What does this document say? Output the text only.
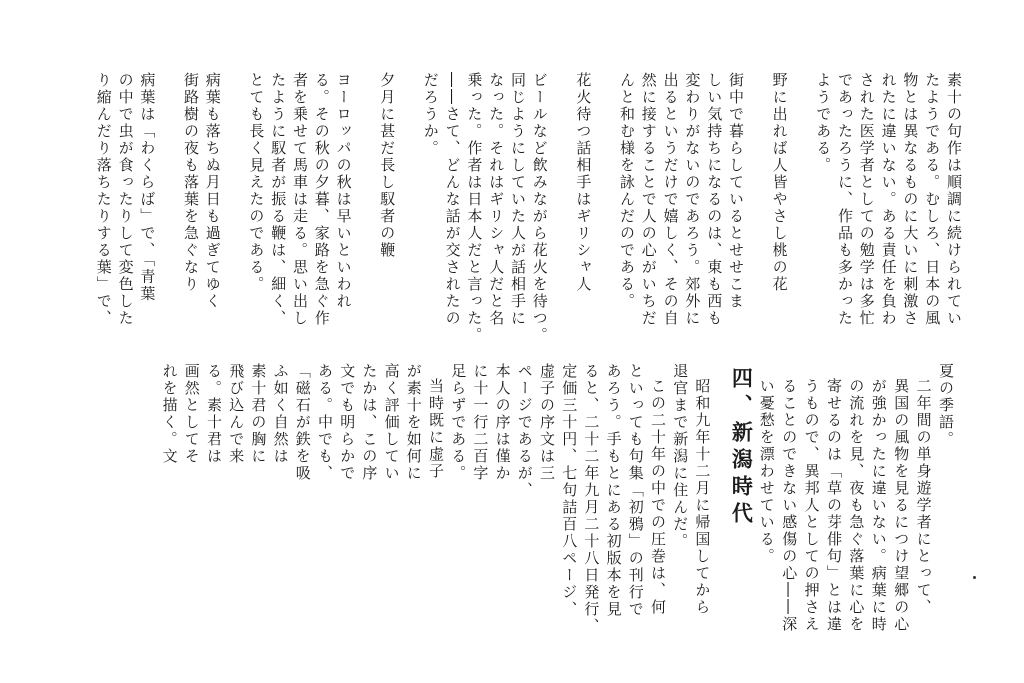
素十の句作は順調に続けられてい
たようである。むしろ、日本の風
物とは異なるものに大いに刺激さ
れたに違いない。ある責任を負わ
された医学者としての勉学は多忙
であったろうに、作品も多かった
ようである。
野に出れば人皆やさし桃の花
街中で暮らしているとせせこま
しい気持ちになるのは、東も西も
変わりがないのであろう。郊外に
出るというだけで嬉しく、その自
然に接することで人の心がいちだ
んと和む様を詠んだのである。
花火待つ話相手はギリシャ人
ビールなど飲みながら花火を待つ。
同じようにしていた人が話相手に
なった。それはギリシャ人だと名
乗った。作者は日本人だと言った。
――さて、どんな話が交されたの
だろうか。
夕月に甚だ長し馭者の鞭
ヨーロッパの秋は早いといわれ
る。その秋の夕暮、家路を急ぐ作
者を乗せて馬車は走る。思い出し
たように馭者が振る鞭は、細く、
とても長く見えたのである。
病葉も落ちぬ月日も過ぎてゆく
街路樹の夜も落葉を急ぐなり
病葉は「わくらば」で、「青葉
の中で虫が食ったりして変色した
り縮んだり落ちたりする葉」で、
夏の季語。
二年間の単身遊学者にとって、
異国の風物を見るにつけ望郷の心
が強かったに違いない。病葉に時
の流れを見、夜も急ぐ落葉に心を
寄せるのは「草の芽俳句」とは違
うもので、異邦人としての押さえ
ることのできない感傷の心――深
い憂愁を漂わせている。
四、新潟時代
昭和九年十二月に帰国してから
退官まで新潟に住んだ。
この二十年の中での圧巻は、何
といっても句集「初鴉」の刊行で
あろう。手もとにある初版本を見
ると、二十二年九月二十八日発行、
定価三十円、七句詰百八ページ、
虚子の序文は三
ページであるが、
本人の序は僅か
に十一行二百字
足らずである。
当時既に虚子
が素十を如何に
高く評価してい
たかは、この序
文でも明らかで
ある。中でも、
「磁石が鉄を吸
ふ如く自然は
素十君の胸に
飛び込んで来
る。素十君は
画然としてそ
れを描く。文
